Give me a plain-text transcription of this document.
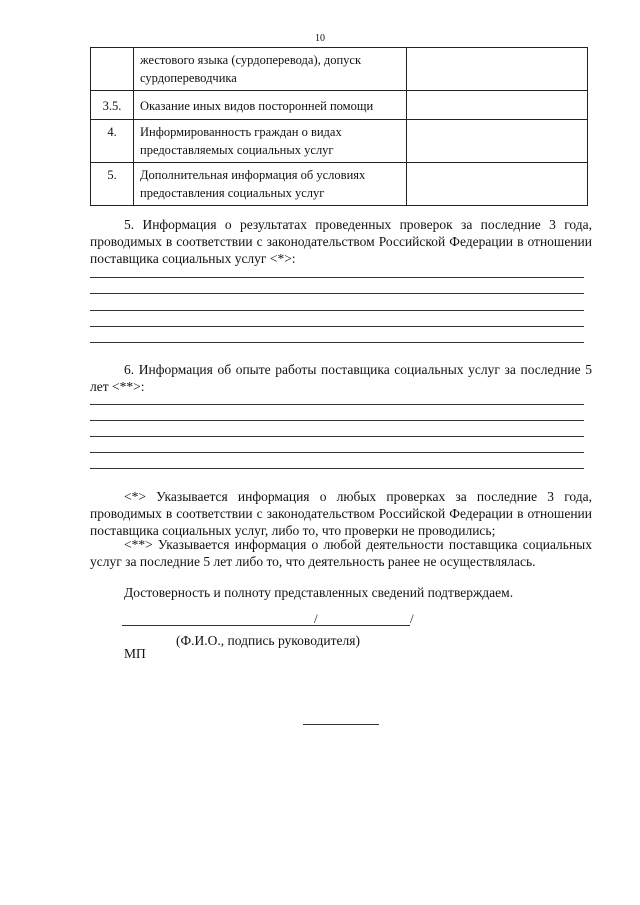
10
	жестового языка (сурдоперевода), допуск сурдопереводчика	
3.5.	Оказание иных видов посторонней помощи	
4.	Информированность граждан о видах предоставляемых социальных услуг	
5.	Дополнительная информация об условиях предоставления социальных услуг	
5. Информация о результатах проведенных проверок за последние 3 года, проводимых в соответствии с законодательством Российской Федерации в отношении поставщика социальных услуг <*>:
6. Информация об опыте работы поставщика социальных услуг за последние 5 лет <**>:
<*> Указывается информация о любых проверках за последние 3 года, проводимых в соответствии с законодательством Российской Федерации в отношении поставщика социальных услуг, либо то, что проверки не проводились;
<**> Указывается информация о любой деятельности поставщика социальных услуг за последние 5 лет либо то, что деятельность ранее не осуществлялась.
Достоверность и полноту представленных сведений подтверждаем.
/	/
(Ф.И.О., подпись руководителя)
МП
